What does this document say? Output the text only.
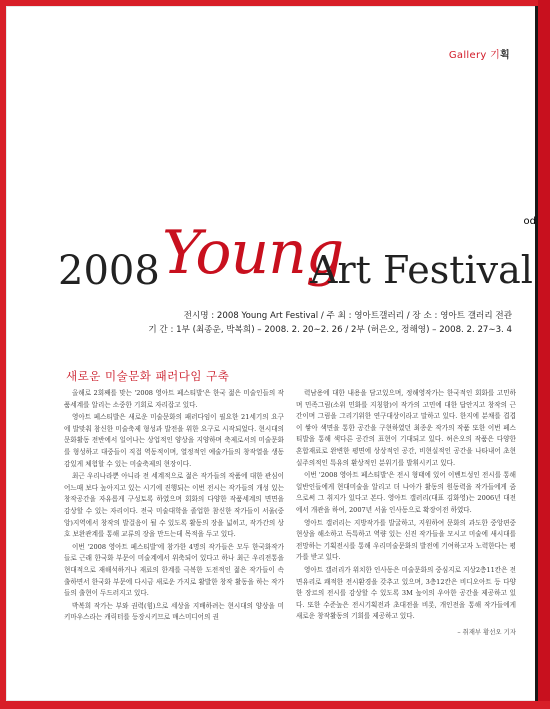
Gallery 기획
od
2008 Young
Art Festival
전시명 : 2008 Young Art Festival / 주 최 : 영아트갤러리 / 장 소 : 영아트 갤러리 전관
기 간 : 1부 (최종운, 박복희) – 2008. 2. 20∼2. 26 / 2부 (허은오, 정해영) – 2008. 2. 27∼3. 4
새로운 미술문화 패러다임 구축

올해로 2회째를 맞는 '2008 영아트 페스티발'은 한국 젊은 미술인들의 작품세계를 알리는 소중한 기회로 자리잡고 있다.

영아트 페스티발은 새로운 미술문화의 패러다임이 필요한 21세기의 요구에 발맞춰 참신한 미술축제 형성과 발전을 위한 요구로 시작되었다. 현시대의 문화활동 전반에서 일어나는 상업적인 양상을 지양하며 축제로서의 미술문화를 형성하고 대중들이 직접 역동적이며, 열정적인 예술가들의 창작열을 생동감있게 체험할 수 있는 미술축제의 현장이다.

최근 우리나라뿐 아니라 전 세계적으로 젊은 작가들의 작품에 대한 관심이 어느때 보다 높아지고 있는 시기에 진행되는 이번 전시는 작가들의 개성 있는 창작공간을 자유롭게 구성토록 하였으며 회화의 다양한 작품세계의 면면을 감상할 수 있는 자리이다. 전국 미술대학을 졸업한 참신한 작가들이 서울(중앙)지역에서 창작의 발걸음이 될 수 있도록 활동의 장을 넓히고, 작가간의 상호 보완관계를 통해 교류의 장을 만드는데 목적을 두고 있다.

이번 '2008 영아트 페스티발'에 참가한 4명의 작가들은 모두 한국화작가들로 근래 한국화 부문이 미술계에서 위축되어 있다고 하나 최근 우리전통을 현대적으로 재해석하거나 재료의 한계를 극복한 도전적인 젊은 작가들이 속출하면서 한국화 부문에 다시금 새로운 가지로 활발한 창작 활동을 하는 작가들의 출현이 두드러지고 있다.

박복희 작가는 부와 권력(힘)으로 세상을 지배하려는 현시대의 양상을 미키마우스라는 캐릭터를 등장시키므로 매스미디어의 권

력남용에 대한 내용을 담고있으며, 정해영작가는 한국적인 회화를 고민하며 민족그림(소위 민화를 지칭함)이 작가의 고민에 대한 답안지고 창작의 근간이며 그림을 그리기위한 연구대상이라고 말하고 있다. 한지에 분채를 겹겹이 쌓아 색면을 통한 공간을 구현하였던 최종운 작가의 작품 또한 이번 페스티발을 통해 색다른 공간의 표현이 기대되고 있다. 허은오의 작품은 다양한 혼합재료로 완변한 평면에 상상적인 공간, 비현실적인 공간을 나타내어 초현실주의적인 특유의 환상적인 분위기를 발휘시키고 있다.

이번 '2008 영아트 페스티발'은 전시 형태에 있어 이벤트성인 전시를 통해 일반인들에게 현대미술을 알리고 더 나아가 활동의 원동력을 작가들에게 줌으로써 그 취지가 있다고 본다. 영아트 갤러리(대표 김화영)는 2006년 대전에서 개관을 하여, 2007년 서울 인사동으로 확장이전 하였다.

영아트 갤러리는 지방작가를 발굴하고, 지원하여 문화의 과도한 중앙편중 현상을 해소하고 독특하고 역량 있는 신진 작가들을 모시고 미술에 새시대를 전망하는 기획전시를 통해 우리미술문화의 발전에 기여하고자 노력한다는 평가를 받고 있다.

영아트 갤러리가 위치한 인사동은 미술문화의 중심지로 지상2층11칸은 전면유리로 쾌적한 전시환경을 갖추고 있으며, 3층12칸은 비디오아트 등 다양한 장르의 전시를 감상할 수 있도록 3M 높이의 우아한 공간을 제공하고 있다. 또한 수준높은 전시기획전과 초대전을 비롯, 개인전을 통해 작가들에게 새로운 창작활동의 기회를 제공하고 있다.

– 취재부 황선오 기자
